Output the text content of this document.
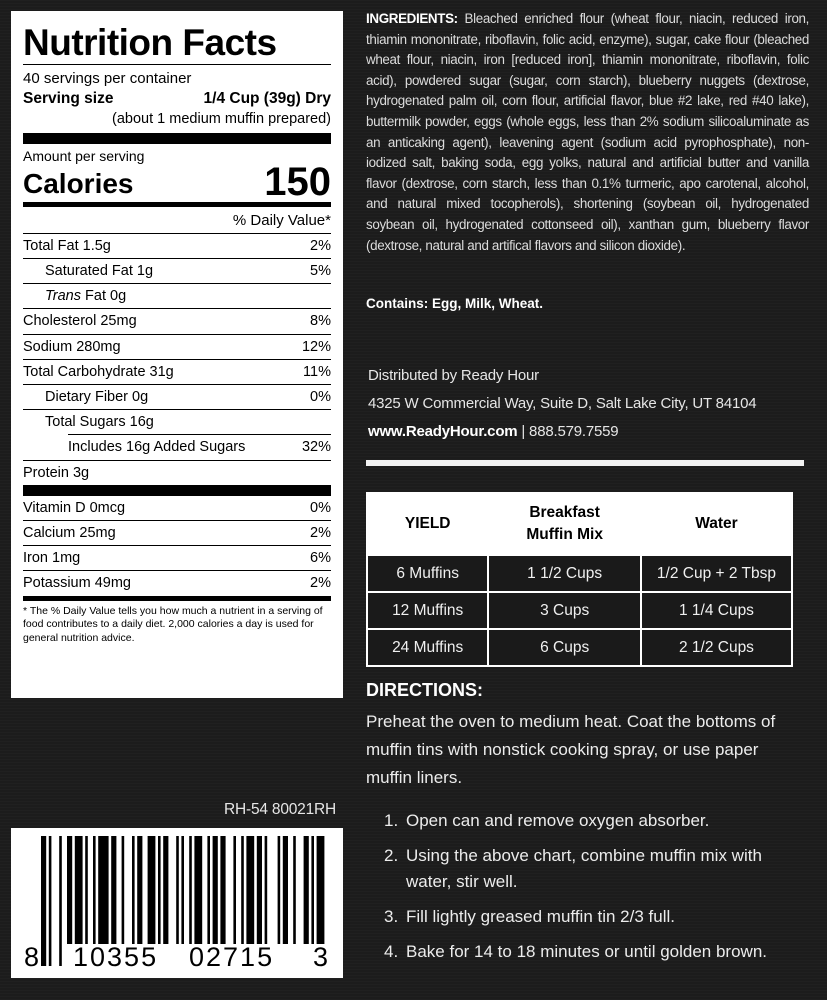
Nutrition Facts
40 servings per container
Serving size	1/4 Cup (39g) Dry
(about 1 medium muffin prepared)
Amount per serving
Calories	150
% Daily Value*
Total Fat 1.5g	2%
Saturated Fat 1g	5%
Trans Fat 0g
Cholesterol 25mg	8%
Sodium 280mg	12%
Total Carbohydrate 31g	11%
Dietary Fiber 0g	0%
Total Sugars 16g
Includes 16g Added Sugars	32%
Protein 3g
Vitamin D 0mcg	0%
Calcium 25mg	2%
Iron 1mg	6%
Potassium 49mg	2%
* The % Daily Value tells you how much a nutrient in a serving of food contributes to a daily diet. 2,000 calories a day is used for general nutrition advice.

INGREDIENTS: Bleached enriched flour (wheat flour, niacin, reduced iron, thiamin mononitrate, riboflavin, folic acid, enzyme), sugar, cake flour (bleached wheat flour, niacin, iron [reduced iron], thiamin mononitrate, riboflavin, folic acid), powdered sugar (sugar, corn starch), blueberry nuggets (dextrose, hydrogenated palm oil, corn flour, artificial flavor, blue #2 lake, red #40 lake), buttermilk powder, eggs (whole eggs, less than 2% sodium silicoaluminate as an anticaking agent), leavening agent (sodium acid pyrophosphate), non-iodized salt, baking soda, egg yolks, natural and artificial butter and vanilla flavor (dextrose, corn starch, less than 0.1% turmeric, apo carotenal, alcohol, and natural mixed tocopherols), shortening (soybean oil, hydrogenated soybean oil, hydrogenated cottonseed oil), xanthan gum, blueberry flavor (dextrose, natural and artifical flavors and silicon dioxide).

Contains: Egg, Milk, Wheat.
Distributed by Ready Hour
4325 W Commercial Way, Suite D, Salt Lake City, UT 84104
www.ReadyHour.com | 888.579.7559
YIELD	Breakfast Muffin Mix	Water
6 Muffins	1 1/2 Cups	1/2 Cup + 2 Tbsp
12 Muffins	3 Cups	1 1/4 Cups
24 Muffins	6 Cups	2 1/2 Cups
DIRECTIONS:
Preheat the oven to medium heat. Coat the bottoms of muffin tins with nonstick cooking spray, or use paper muffin liners.
1. Open can and remove oxygen absorber.
2. Using the above chart, combine muffin mix with water, stir well.
3. Fill lightly greased muffin tin 2/3 full.
4. Bake for 14 to 18 minutes or until golden brown.
RH-54 80021RH
8 10355 02715 3
